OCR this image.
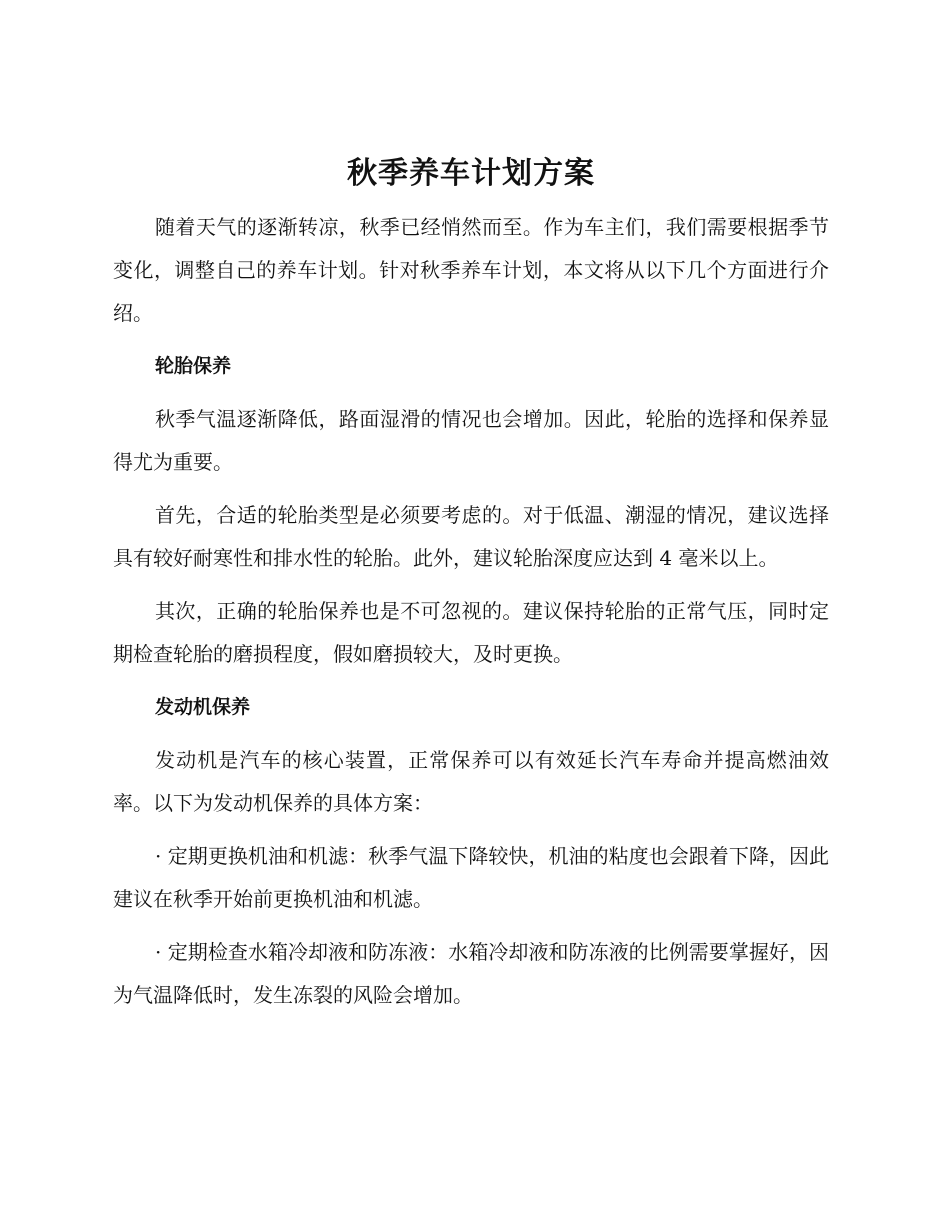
秋季养车计划方案

随着天气的逐渐转凉，秋季已经悄然而至。作为车主们，我们需要根据季节变化，调整自己的养车计划。针对秋季养车计划，本文将从以下几个方面进行介绍。

轮胎保养

秋季气温逐渐降低，路面湿滑的情况也会增加。因此，轮胎的选择和保养显得尤为重要。

首先，合适的轮胎类型是必须要考虑的。对于低温、潮湿的情况，建议选择具有较好耐寒性和排水性的轮胎。此外，建议轮胎深度应达到 4 毫米以上。

其次，正确的轮胎保养也是不可忽视的。建议保持轮胎的正常气压，同时定期检查轮胎的磨损程度，假如磨损较大，及时更换。

发动机保养

发动机是汽车的核心装置，正常保养可以有效延长汽车寿命并提高燃油效率。以下为发动机保养的具体方案：

· 定期更换机油和机滤：秋季气温下降较快，机油的粘度也会跟着下降，因此建议在秋季开始前更换机油和机滤。

· 定期检查水箱冷却液和防冻液：水箱冷却液和防冻液的比例需要掌握好，因为气温降低时，发生冻裂的风险会增加。
